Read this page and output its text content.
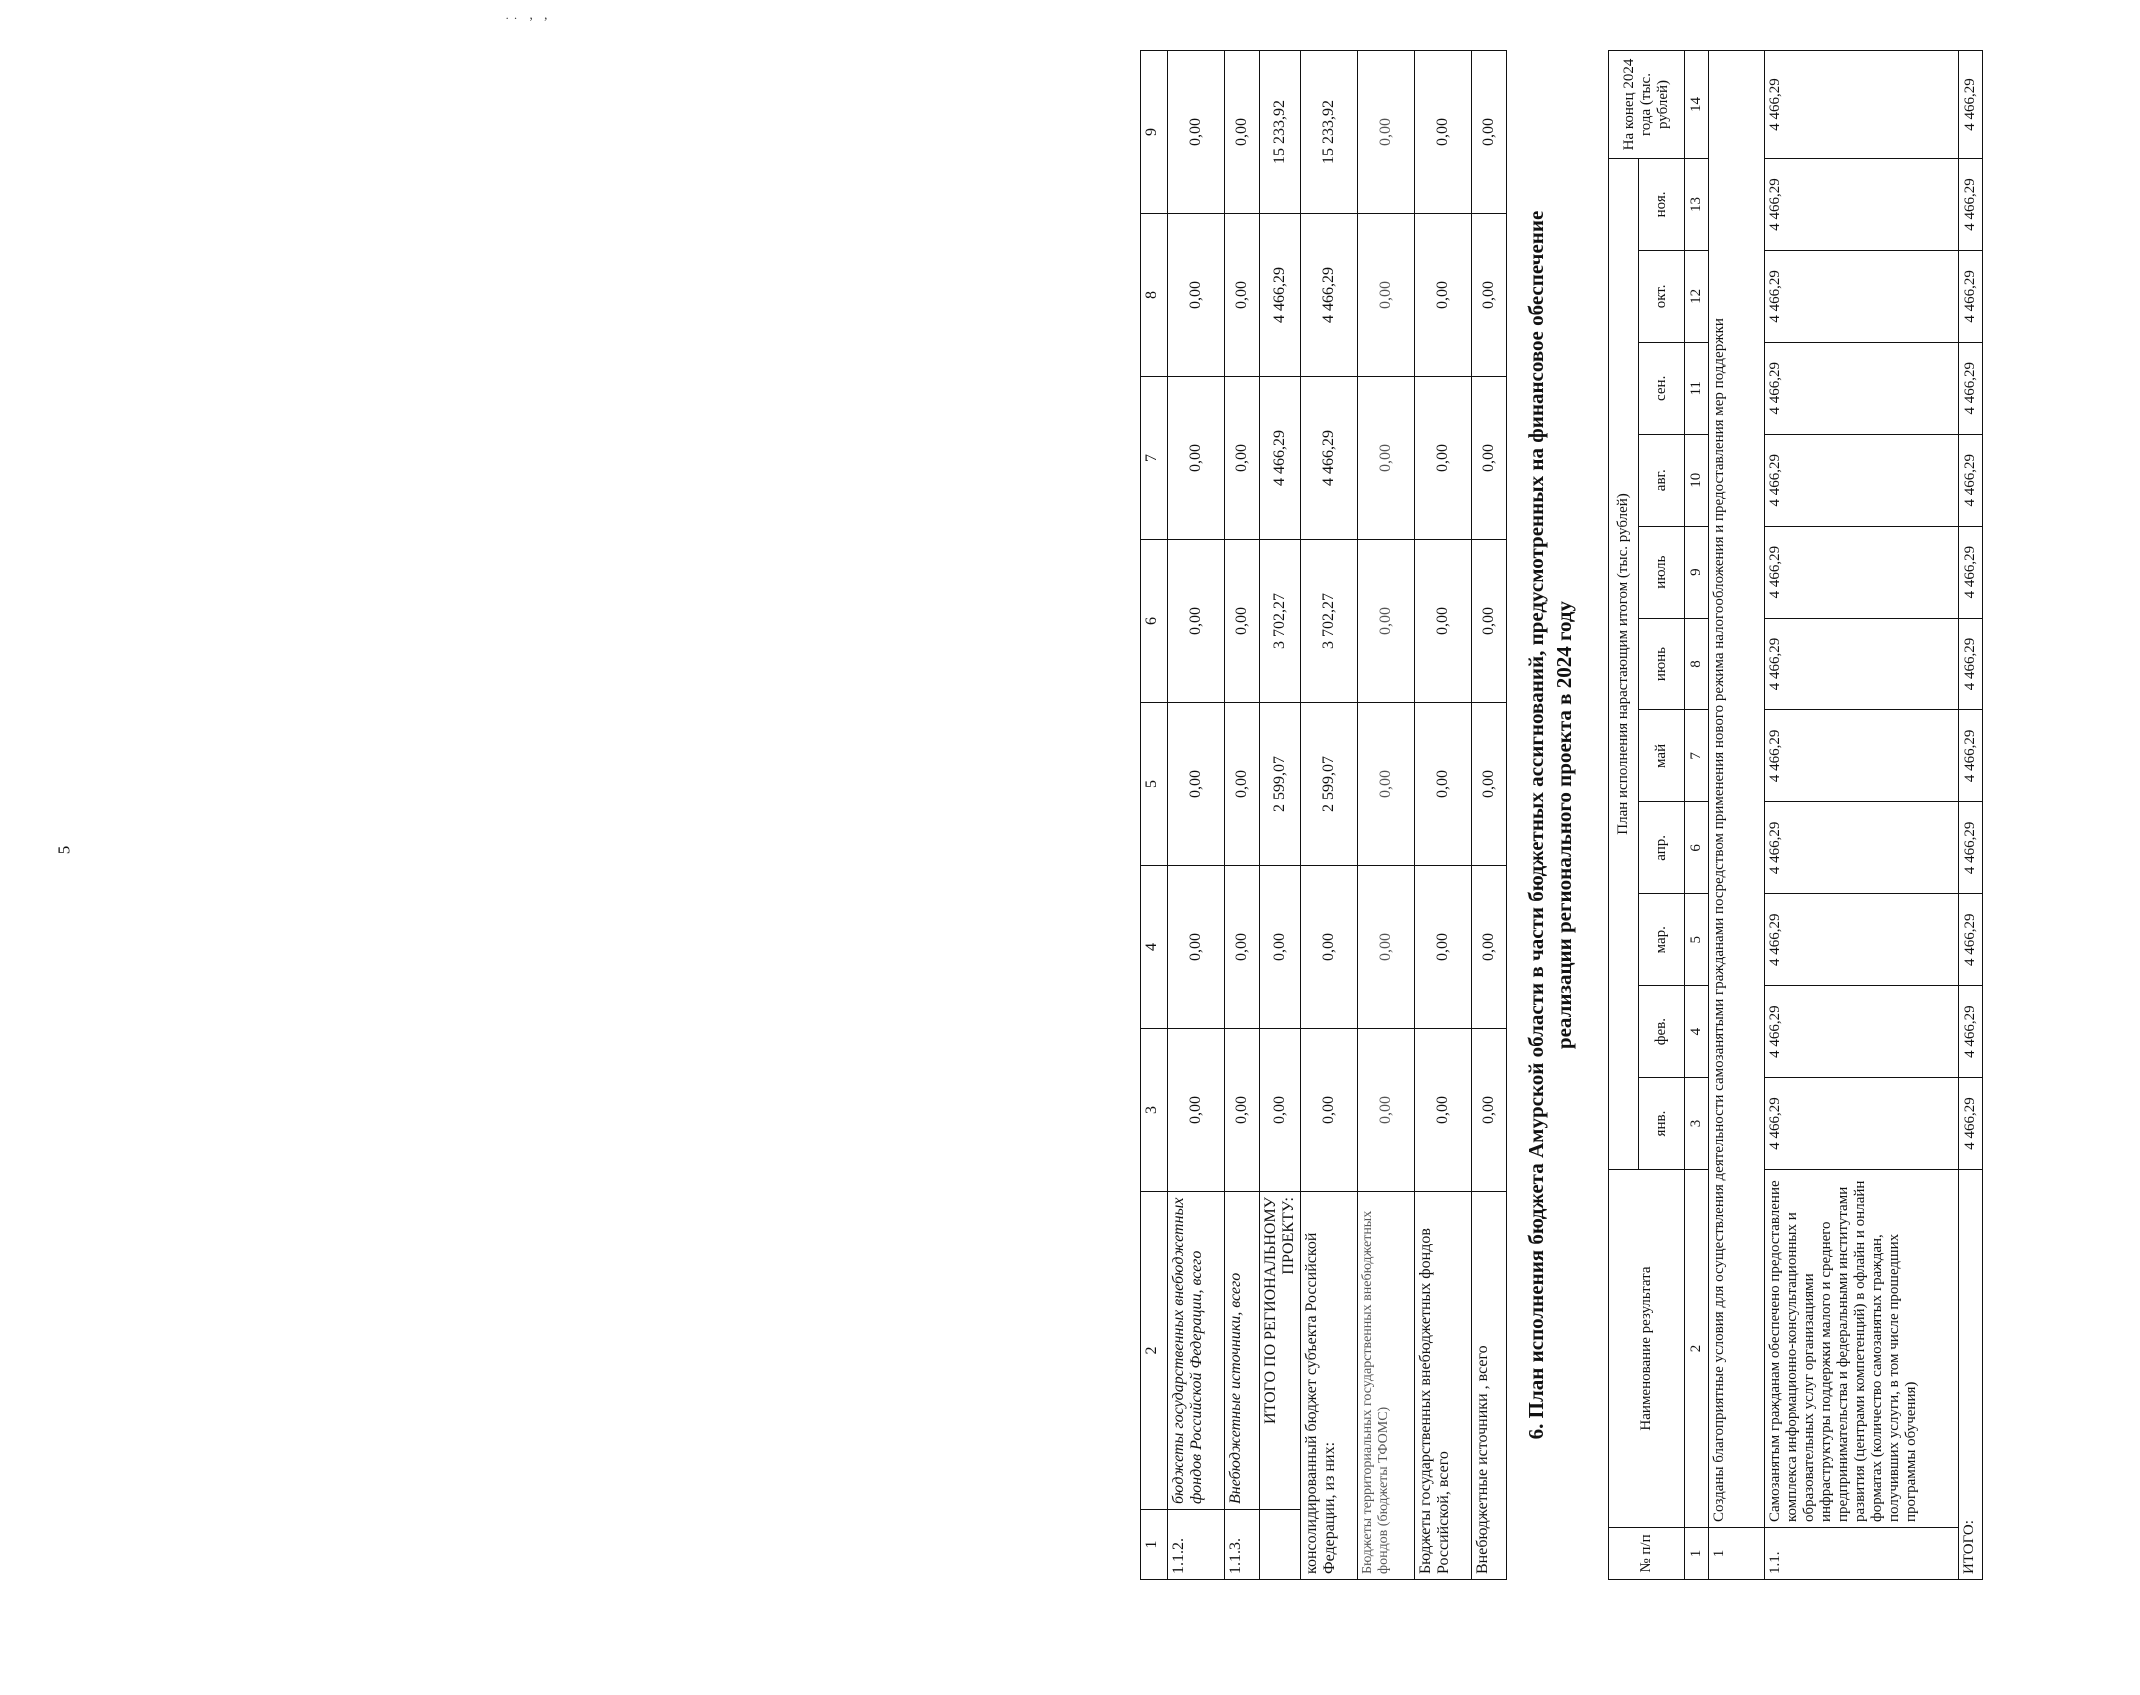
˙˙ ’ ’
5
1	2	3	4	5	6	7	8	9
1.1.2.	бюджеты государственных внебюджетных фондов Российской Федерации, всего	0,00	0,00	0,00	0,00	0,00	0,00	0,00
1.1.3.	Внебюджетные источники, всего	0,00	0,00	0,00	0,00	0,00	0,00	0,00
	ИТОГО ПО РЕГИОНАЛЬНОМУ ПРОЕКТУ:	0,00	0,00	2 599,07	3 702,27	4 466,29	4 466,29	15 233,92
консолидированный бюджет субъекта Российской Федерации, из них:		0,00	0,00	2 599,07	3 702,27	4 466,29	4 466,29	15 233,92
Бюджеты территориальных государственных внебюджетных фондов (бюджеты ТФОМС)		0,00	0,00	0,00	0,00	0,00	0,00	0,00
Бюджеты государственных внебюджетных фондов Российской, всего		0,00	0,00	0,00	0,00	0,00	0,00	0,00
Внебюджетные источники , всего		0,00	0,00	0,00	0,00	0,00	0,00	0,00
6. План исполнения бюджета Амурской области в части бюджетных ассигнований, предусмотренных на финансовое обеспечение реализации регионального проекта в 2024 году
№ п/п	Наименование результата	План исполнения нарастающим итогом (тыс. рублей)											На конец 2024 года (тыс. рублей)
		янв.	фев.	мар.	апр.	май	июнь	июль	авг.	сен.	окт.	ноя.	
1	2	3	4	5	6	7	8	9	10	11	12	13	14
1	Созданы благоприятные условия для осуществления деятельности самозанятыми гражданами посредством применения нового режима налогообложения и предоставления мер поддержки												
1.1.	Самозанятым гражданам обеспечено предоставление комплекса информационно-консультационных и образовательных услуг организациями инфраструктуры поддержки малого и среднего предпринимательства и федеральными институтами развития (центрами компетенций) в офлайн и онлайн форматах (количество самозанятых граждан, получивших услуги, в том числе прошедших программы обучения)	4 466,29	4 466,29	4 466,29	4 466,29	4 466,29	4 466,29	4 466,29	4 466,29	4 466,29	4 466,29	4 466,29	4 466,29
ИТОГО:		4 466,29	4 466,29	4 466,29	4 466,29	4 466,29	4 466,29	4 466,29	4 466,29	4 466,29	4 466,29	4 466,29	4 466,29
